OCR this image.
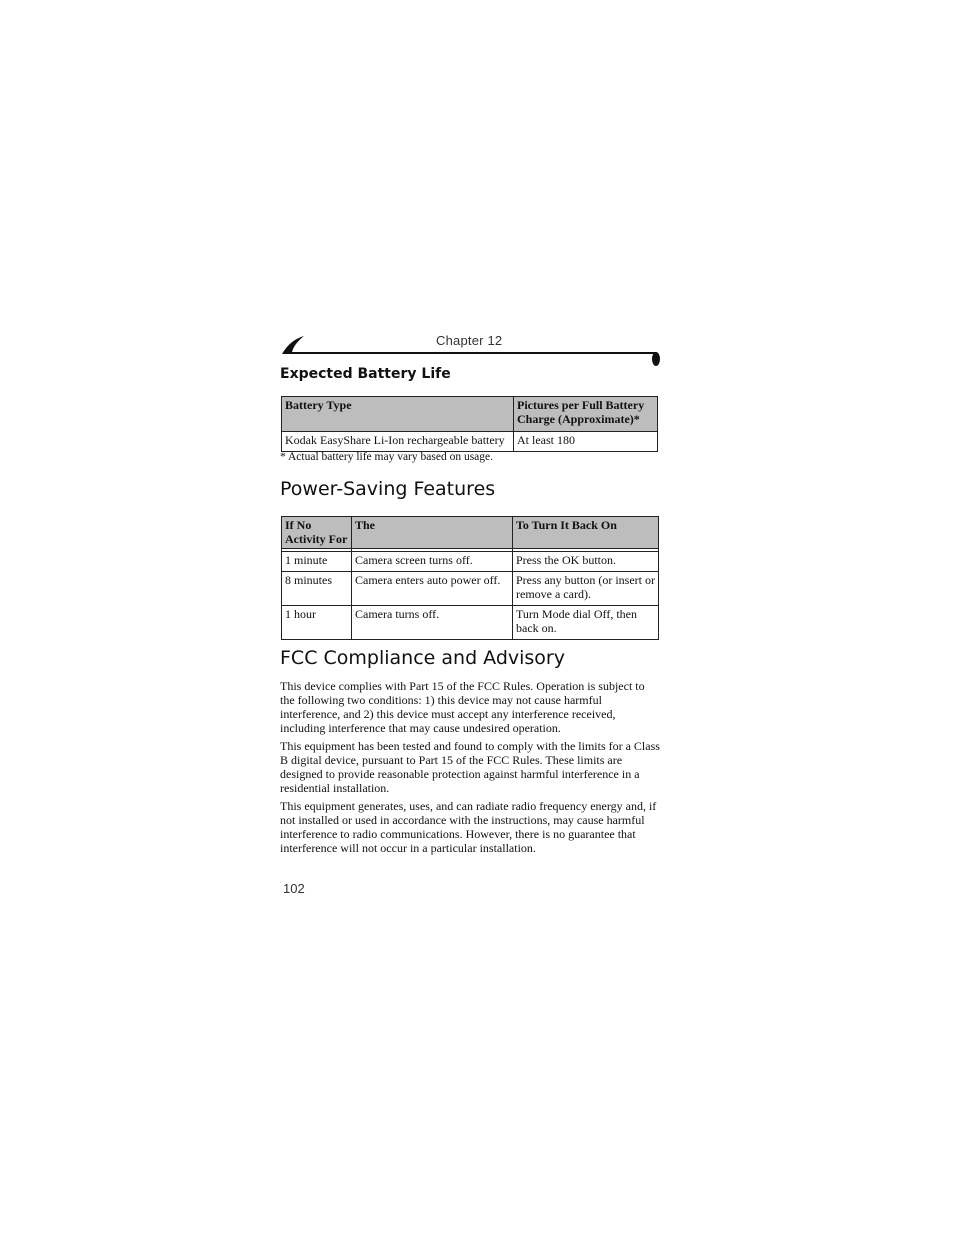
Chapter 12
Expected Battery Life
Battery Type	Pictures per Full Battery Charge (Approximate)*
Kodak EasyShare Li-Ion rechargeable battery	At least 180
* Actual battery life may vary based on usage.
Power-Saving Features
If No Activity For	The	To Turn It Back On

1 minute	Camera screen turns off.	Press the OK button.
8 minutes	Camera enters auto power off.	Press any button (or insert or remove a card).
1 hour	Camera turns off.	Turn Mode dial Off, then back on.
FCC Compliance and Advisory

This device complies with Part 15 of the FCC Rules. Operation is subject to the following two conditions: 1) this device may not cause harmful interference, and 2) this device must accept any interference received, including interference that may cause undesired operation.

This equipment has been tested and found to comply with the limits for a Class B digital device, pursuant to Part 15 of the FCC Rules. These limits are designed to provide reasonable protection against harmful interference in a residential installation.

This equipment generates, uses, and can radiate radio frequency energy and, if not installed or used in accordance with the instructions, may cause harmful interference to radio communications. However, there is no guarantee that interference will not occur in a particular installation.

102
